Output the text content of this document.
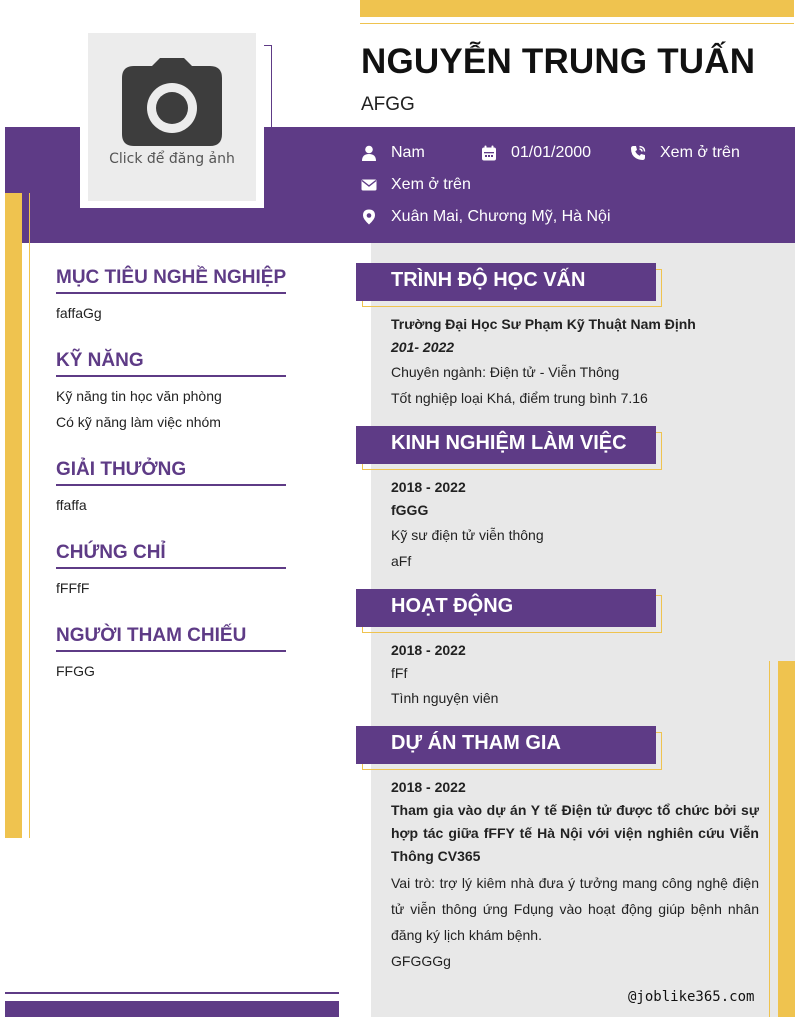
Click để đăng ảnh
NGUYỄN TRUNG TUẤN
AFGG
Nam	01/01/2000	Xem ở trên
Xem ở trên
Xuân Mai, Chương Mỹ, Hà Nội
MỤC TIÊU NGHỀ NGHIỆP
faffaGg
KỸ NĂNG
Kỹ năng tin học văn phòng
Có kỹ năng làm việc nhóm
GIẢI THƯỞNG
ffaffa
CHỨNG CHỈ
fFFfF
NGƯỜI THAM CHIẾU
FFGG
TRÌNH ĐỘ HỌC VẤN
Trường Đại Học Sư Phạm Kỹ Thuật Nam Định
201- 2022
Chuyên ngành: Điện tử - Viễn Thông
Tốt nghiệp loại Khá, điểm trung bình 7.16
KINH NGHIỆM LÀM VIỆC
2018 - 2022
fGGG
Kỹ sư điện tử viễn thông
aFf
HOẠT ĐỘNG
2018 - 2022
fFf
Tình nguyện viên
DỰ ÁN THAM GIA
2018 - 2022
Tham gia vào dự án Y tế Điện tử được tổ chức bởi sự hợp tác giữa fFFY tế Hà Nội với viện nghiên cứu Viễn Thông CV365
Vai trò: trợ lý kiêm nhà đưa ý tưởng mang công nghệ điện tử viễn thông ứng Fdụng vào hoạt động giúp bệnh nhân đăng ký lịch khám bệnh.
GFGGGg
@joblike365.com
